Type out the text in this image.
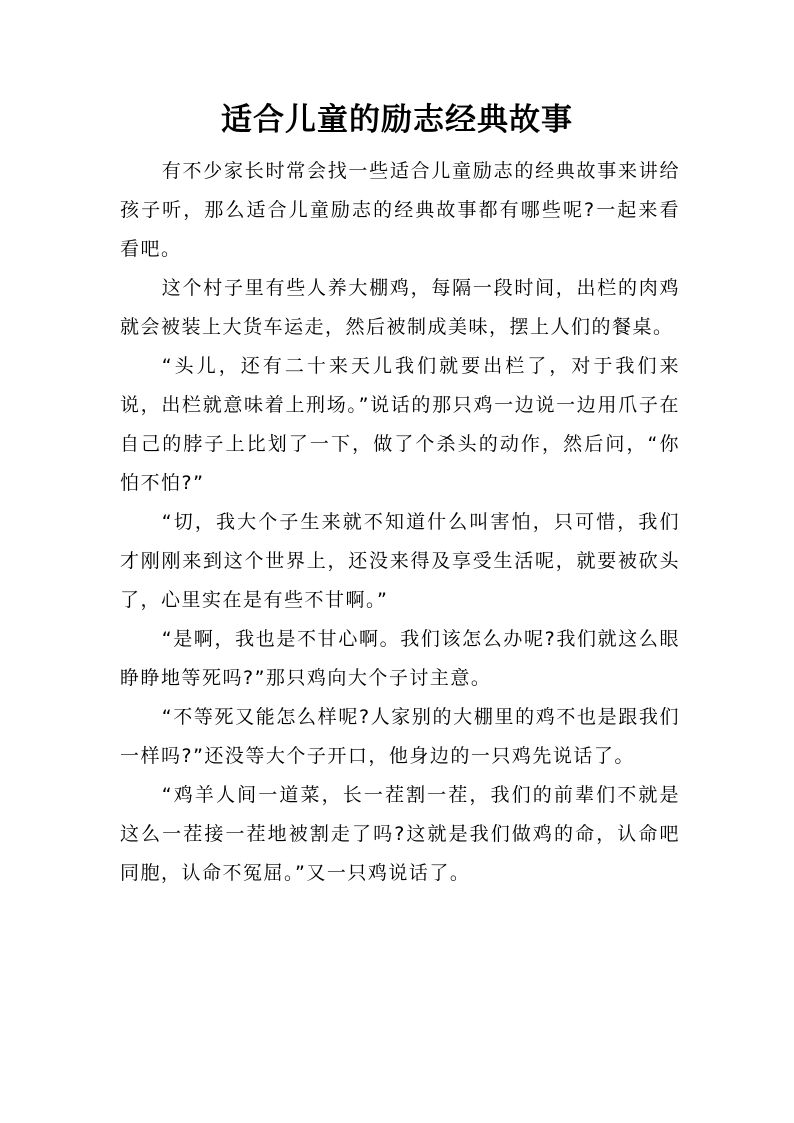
适合儿童的励志经典故事

有不少家长时常会找一些适合儿童励志的经典故事来讲给孩子听，那么适合儿童励志的经典故事都有哪些呢?一起来看看吧。

这个村子里有些人养大棚鸡，每隔一段时间，出栏的肉鸡就会被装上大货车运走，然后被制成美味，摆上人们的餐桌。

“头儿，还有二十来天儿我们就要出栏了，对于我们来说，出栏就意味着上刑场。”说话的那只鸡一边说一边用爪子在自己的脖子上比划了一下，做了个杀头的动作，然后问，“你怕不怕?”

“切，我大个子生来就不知道什么叫害怕，只可惜，我们才刚刚来到这个世界上，还没来得及享受生活呢，就要被砍头了，心里实在是有些不甘啊。”

“是啊，我也是不甘心啊。我们该怎么办呢?我们就这么眼睁睁地等死吗?”那只鸡向大个子讨主意。

“不等死又能怎么样呢?人家别的大棚里的鸡不也是跟我们一样吗?”还没等大个子开口，他身边的一只鸡先说话了。

“鸡羊人间一道菜，长一茬割一茬，我们的前辈们不就是这么一茬接一茬地被割走了吗?这就是我们做鸡的命，认命吧同胞，认命不冤屈。”又一只鸡说话了。
